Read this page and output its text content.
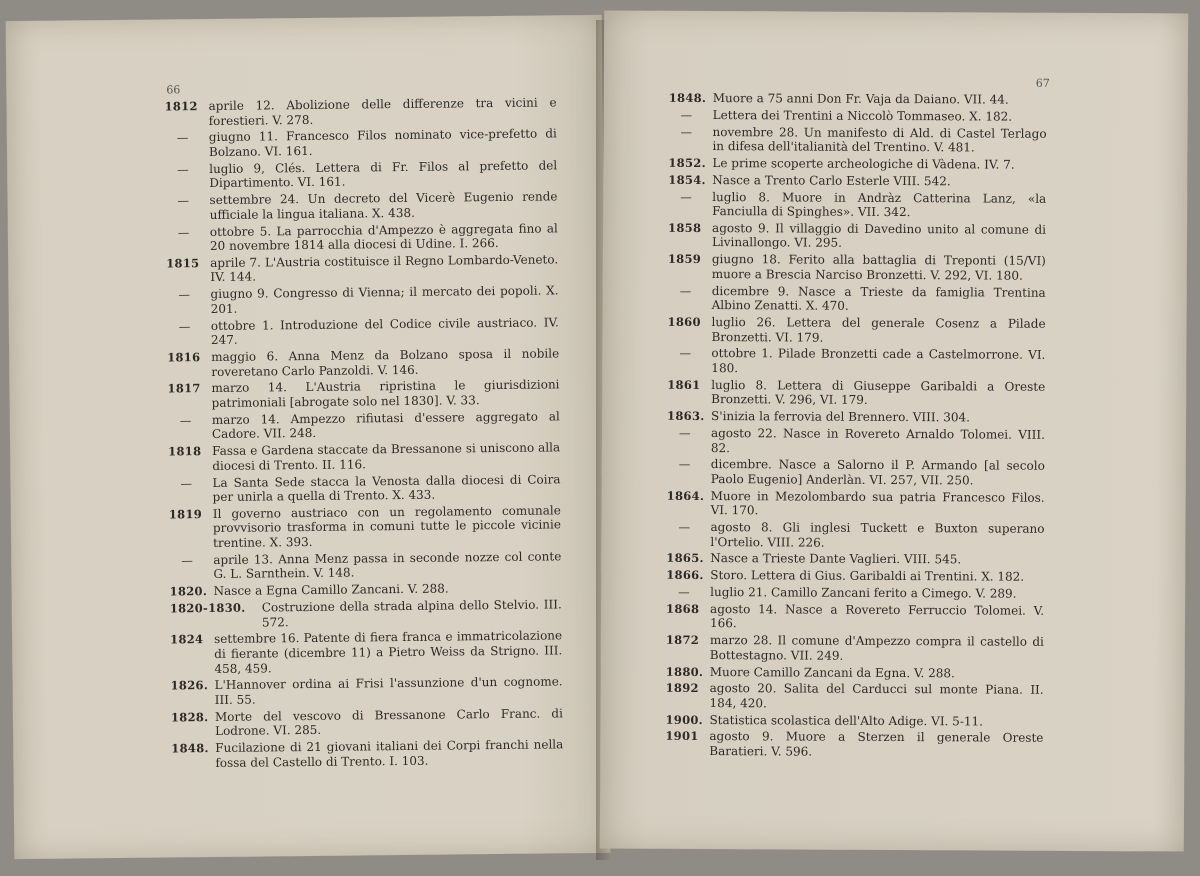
66
1812 aprile 12. Abolizione delle differenze tra vicini e forestieri. V. 278.
— giugno 11. Francesco Filos nominato vice-prefetto di Bolzano. VI. 161.
— luglio 9, Clés. Lettera di Fr. Filos al prefetto del Dipartimento. VI. 161.
— settembre 24. Un decreto del Vicerè Eugenio rende ufficiale la lingua italiana. X. 438.
— ottobre 5. La parrocchia d'Ampezzo è aggregata fino al 20 novembre 1814 alla diocesi di Udine. I. 266.
1815 aprile 7. L'Austria costituisce il Regno Lombardo-Veneto. IV. 144.
— giugno 9. Congresso di Vienna; il mercato dei popoli. X. 201.
— ottobre 1. Introduzione del Codice civile austriaco. IV. 247.
1816 maggio 6. Anna Menz da Bolzano sposa il nobile roveretano Carlo Panzoldi. V. 146.
1817 marzo 14. L'Austria ripristina le giurisdizioni patrimoniali [abrogate solo nel 1830]. V. 33.
— marzo 14. Ampezzo rifiutasi d'essere aggregato al Cadore. VII. 248.
1818 Fassa e Gardena staccate da Bressanone si uniscono alla diocesi di Trento. II. 116.
— La Santa Sede stacca la Venosta dalla diocesi di Coira per unirla a quella di Trento. X. 433.
1819 Il governo austriaco con un regolamento comunale provvisorio trasforma in comuni tutte le piccole vicinie trentine. X. 393.
— aprile 13. Anna Menz passa in seconde nozze col conte G. L. Sarnthein. V. 148.
1820. Nasce a Egna Camillo Zancani. V. 288.
1820-1830. Costruzione della strada alpina dello Stelvio. III. 572.
1824 settembre 16. Patente di fiera franca e immatricolazione di fierante (dicembre 11) a Pietro Weiss da Strigno. III. 458, 459.
1826. L'Hannover ordina ai Frisi l'assunzione d'un cognome. III. 55.
1828. Morte del vescovo di Bressanone Carlo Franc. di Lodrone. VI. 285.
1848. Fucilazione di 21 giovani italiani dei Corpi franchi nella fossa del Castello di Trento. I. 103.
67
1848. Muore a 75 anni Don Fr. Vaja da Daiano. VII. 44.
— Lettera dei Trentini a Niccolò Tommaseo. X. 182.
— novembre 28. Un manifesto di Ald. di Castel Terlago in difesa dell'italianità del Trentino. V. 481.
1852. Le prime scoperte archeologiche di Vàdena. IV. 7.
1854. Nasce a Trento Carlo Esterle VIII. 542.
— luglio 8. Muore in Andràz Catterina Lanz, «la Fanciulla di Spinghes». VII. 342.
1858 agosto 9. Il villaggio di Davedino unito al comune di Livinallongo. VI. 295.
1859 giugno 18. Ferito alla battaglia di Treponti (15/VI) muore a Brescia Narciso Bronzetti. V. 292, VI. 180.
— dicembre 9. Nasce a Trieste da famiglia Trentina Albino Zenatti. X. 470.
1860 luglio 26. Lettera del generale Cosenz a Pilade Bronzetti. VI. 179.
— ottobre 1. Pilade Bronzetti cade a Castelmorrone. VI. 180.
1861 luglio 8. Lettera di Giuseppe Garibaldi a Oreste Bronzetti. V. 296, VI. 179.
1863. S'inizia la ferrovia del Brennero. VIII. 304.
— agosto 22. Nasce in Rovereto Arnaldo Tolomei. VIII. 82.
— dicembre. Nasce a Salorno il P. Armando [al secolo Paolo Eugenio] Anderlàn. VI. 257, VII. 250.
1864. Muore in Mezolombardo sua patria Francesco Filos. VI. 170.
— agosto 8. Gli inglesi Tuckett e Buxton superano l'Ortelio. VIII. 226.
1865. Nasce a Trieste Dante Vaglieri. VIII. 545.
1866. Storo. Lettera di Gius. Garibaldi ai Trentini. X. 182.
— luglio 21. Camillo Zancani ferito a Cimego. V. 289.
1868 agosto 14. Nasce a Rovereto Ferruccio Tolomei. V. 166.
1872 marzo 28. Il comune d'Ampezzo compra il castello di Bottestagno. VII. 249.
1880. Muore Camillo Zancani da Egna. V. 288.
1892 agosto 20. Salita del Carducci sul monte Piana. II. 184, 420.
1900. Statistica scolastica dell'Alto Adige. VI. 5-11.
1901 agosto 9. Muore a Sterzen il generale Oreste Baratieri. V. 596.
